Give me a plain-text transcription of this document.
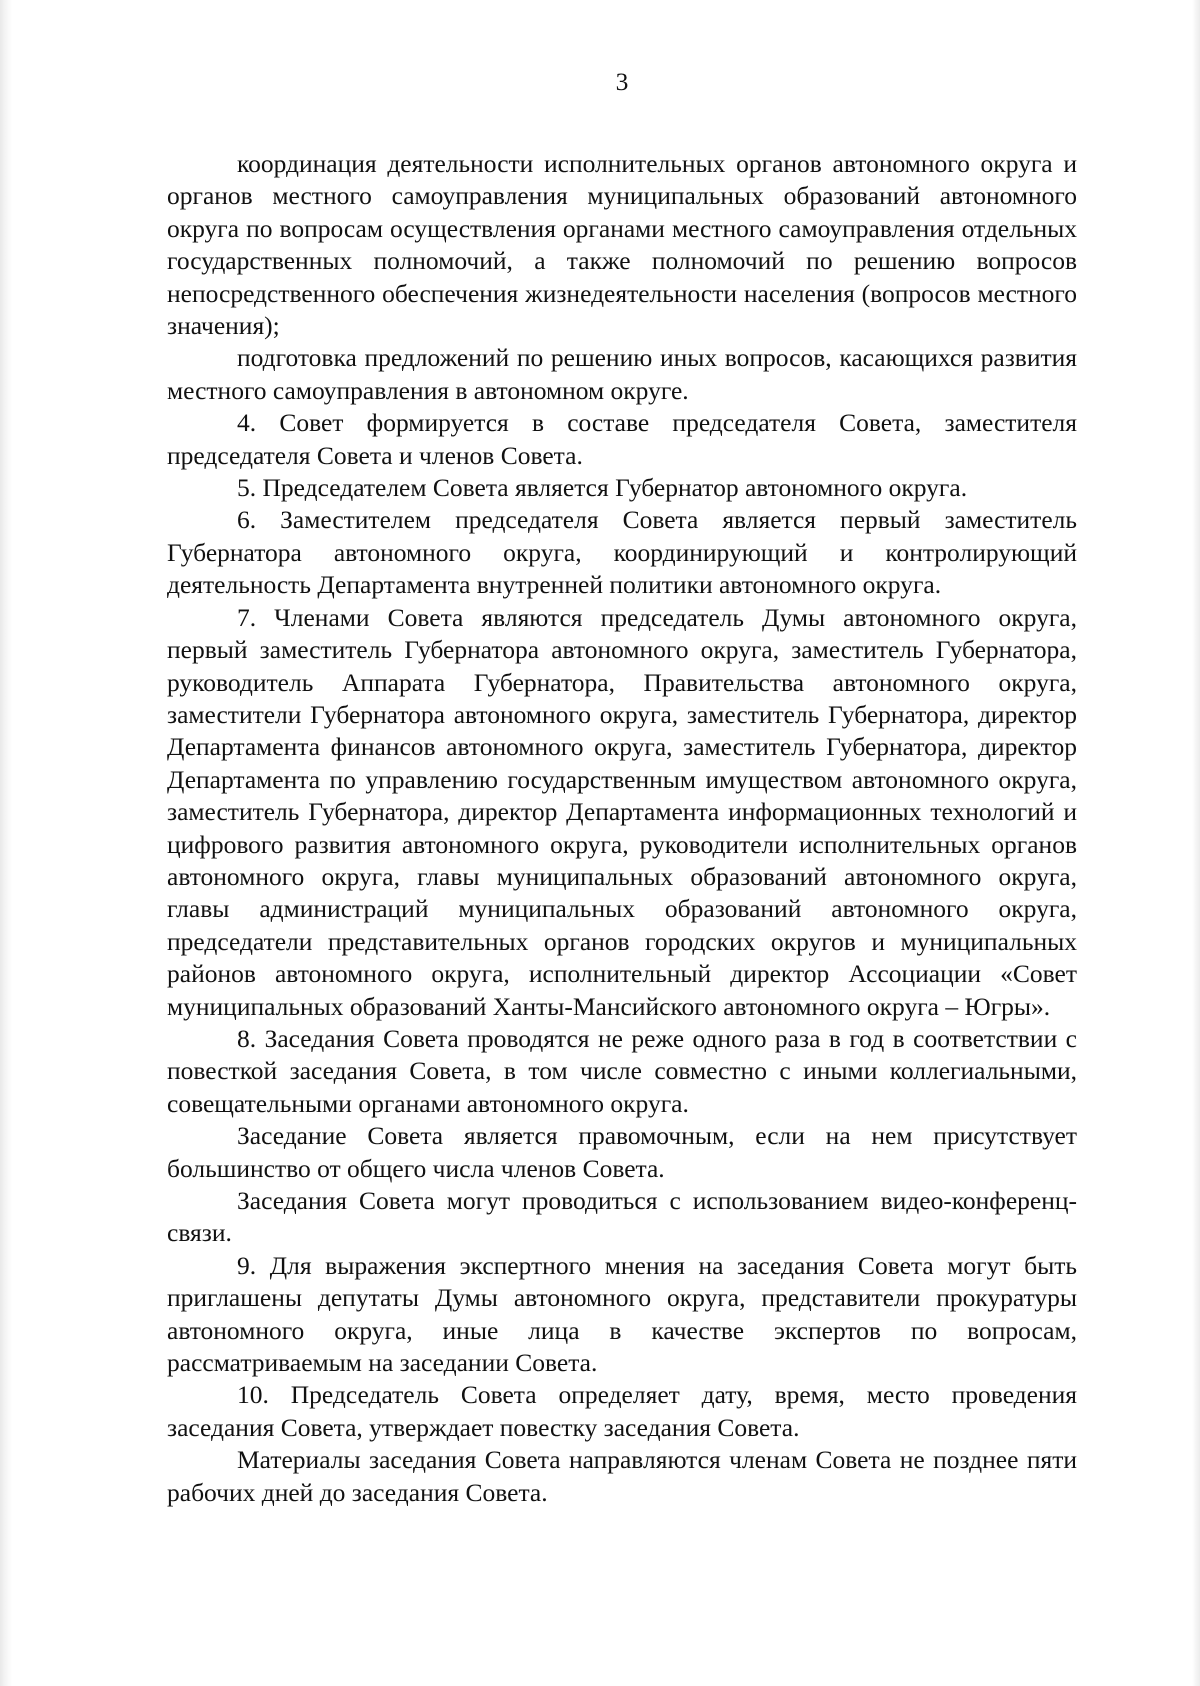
3

координация деятельности исполнительных органов автономного округа и органов местного самоуправления муниципальных образований автономного округа по вопросам осуществления органами местного самоуправления отдельных государственных полномочий, а также полномочий по решению вопросов непосредственного обеспечения жизнедеятельности населения (вопросов местного значения);

подготовка предложений по решению иных вопросов, касающихся развития местного самоуправления в автономном округе.

4. Совет формируется в составе председателя Совета, заместителя председателя Совета и членов Совета.

5. Председателем Совета является Губернатор автономного округа.

6. Заместителем председателя Совета является первый заместитель Губернатора автономного округа, координирующий и контролирующий деятельность Департамента внутренней политики автономного округа.

7. Членами Совета являются председатель Думы автономного округа, первый заместитель Губернатора автономного округа, заместитель Губернатора, руководитель Аппарата Губернатора, Правительства автономного округа, заместители Губернатора автономного округа, заместитель Губернатора, директор Департамента финансов автономного округа, заместитель Губернатора, директор Департамента по управлению государственным имуществом автономного округа, заместитель Губернатора, директор Департамента информационных технологий и цифрового развития автономного округа, руководители исполнительных органов автономного округа, главы муниципальных образований автономного округа, главы администраций муниципальных образований автономного округа, председатели представительных органов городских округов и муниципальных районов автономного округа, исполнительный директор Ассоциации «Совет муниципальных образований Ханты-Мансийского автономного округа – Югры».

8. Заседания Совета проводятся не реже одного раза в год в соответствии с повесткой заседания Совета, в том числе совместно с иными коллегиальными, совещательными органами автономного округа.

Заседание Совета является правомочным, если на нем присутствует большинство от общего числа членов Совета.

Заседания Совета могут проводиться с использованием видео-конференц-связи.

9. Для выражения экспертного мнения на заседания Совета могут быть приглашены депутаты Думы автономного округа, представители прокуратуры автономного округа, иные лица в качестве экспертов по вопросам, рассматриваемым на заседании Совета.

10. Председатель Совета определяет дату, время, место проведения заседания Совета, утверждает повестку заседания Совета.

Материалы заседания Совета направляются членам Совета не позднее пяти рабочих дней до заседания Совета.
